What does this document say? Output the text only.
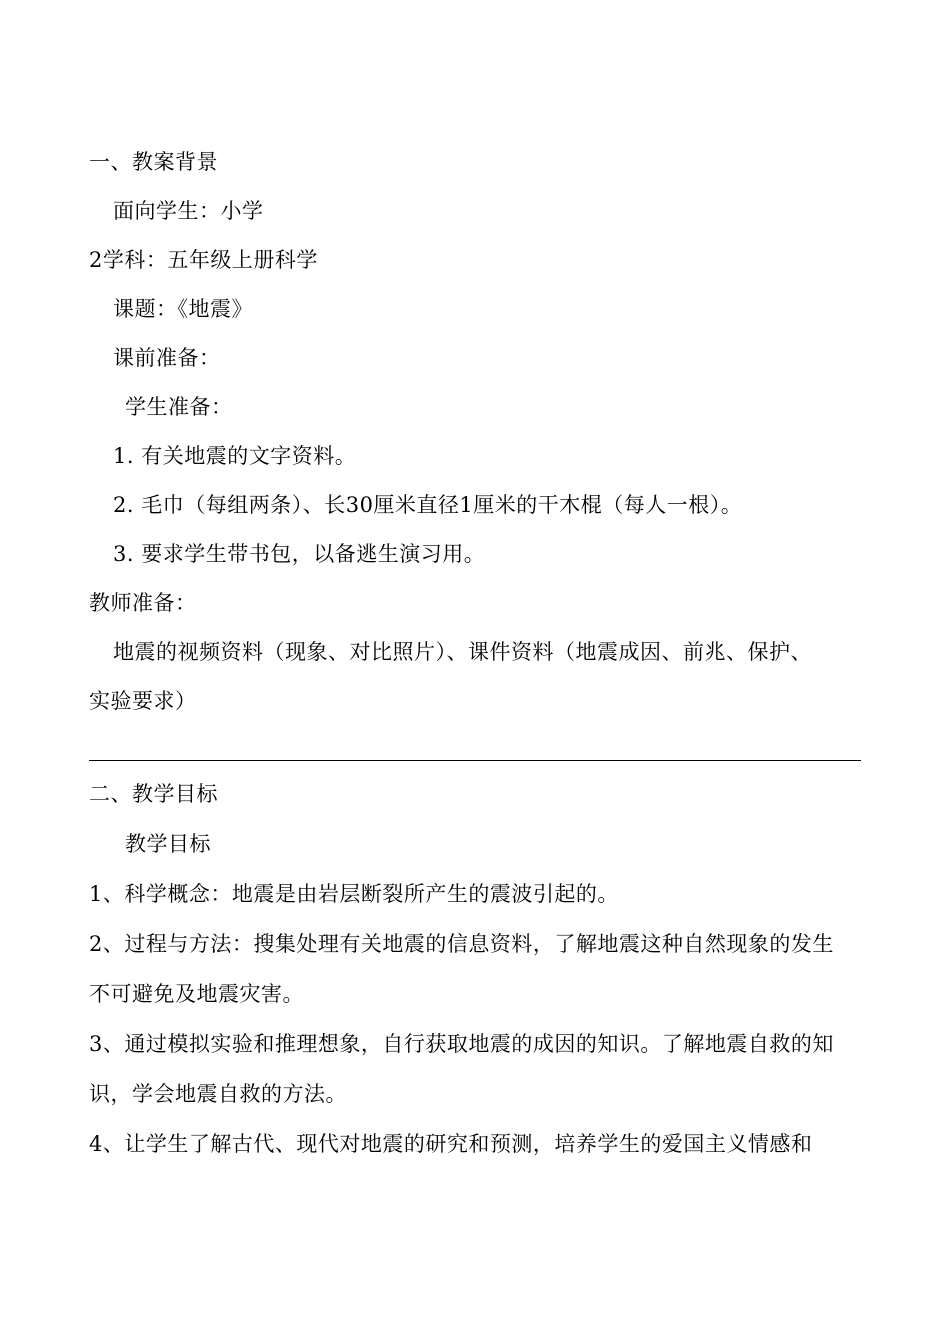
一、教案背景
面向学生：小学
2学科：五年级上册科学
课题：《地震》
课前准备：
学生准备：
1. 有关地震的文字资料。
2. 毛巾（每组两条）、长30厘米直径1厘米的干木棍（每人一根）。
3. 要求学生带书包，以备逃生演习用。
教师准备：
地震的视频资料（现象、对比照片）、课件资料（地震成因、前兆、保护、
实验要求）
二、教学目标
教学目标
1、科学概念：地震是由岩层断裂所产生的震波引起的。
2、过程与方法：搜集处理有关地震的信息资料，了解地震这种自然现象的发生
不可避免及地震灾害。
3、通过模拟实验和推理想象，自行获取地震的成因的知识。了解地震自救的知
识，学会地震自救的方法。
4、让学生了解古代、现代对地震的研究和预测，培养学生的爱国主义情感和
